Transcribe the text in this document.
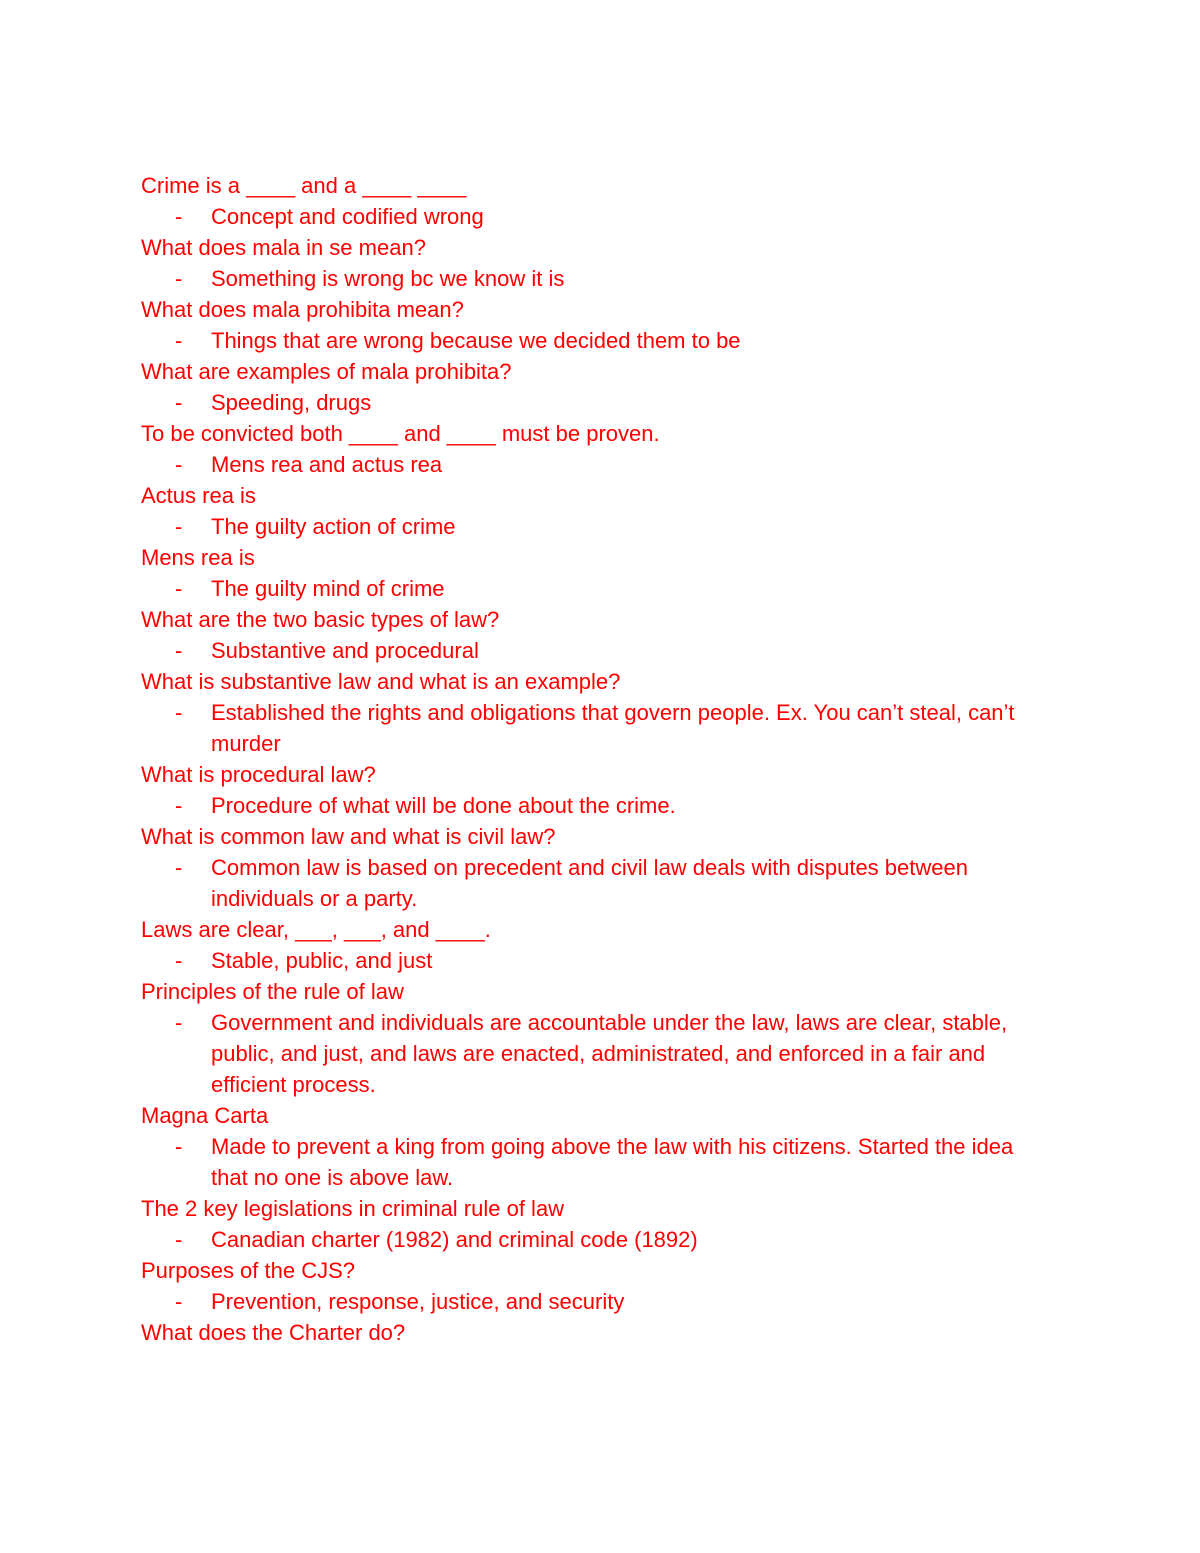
Crime is a ____ and a ____ ____
-	Concept and codified wrong
What does mala in se mean?
-	Something is wrong bc we know it is
What does mala prohibita mean?
-	Things that are wrong because we decided them to be
What are examples of mala prohibita?
-	Speeding, drugs
To be convicted both ____ and ____ must be proven.
-	Mens rea and actus rea
Actus rea is
-	The guilty action of crime
Mens rea is
-	The guilty mind of crime
What are the two basic types of law?
-	Substantive and procedural
What is substantive law and what is an example?
-	Established the rights and obligations that govern people. Ex. You can’t steal, can’t murder
What is procedural law?
-	Procedure of what will be done about the crime.
What is common law and what is civil law?
-	Common law is based on precedent and civil law deals with disputes between individuals or a party.
Laws are clear, ___, ___, and ____.
-	Stable, public, and just
Principles of the rule of law
-	Government and individuals are accountable under the law, laws are clear, stable, public, and just, and laws are enacted, administrated, and enforced in a fair and efficient process.
Magna Carta
-	Made to prevent a king from going above the law with his citizens. Started the idea that no one is above law.
The 2 key legislations in criminal rule of law
-	Canadian charter (1982) and criminal code (1892)
Purposes of the CJS?
-	Prevention, response, justice, and security
What does the Charter do?
